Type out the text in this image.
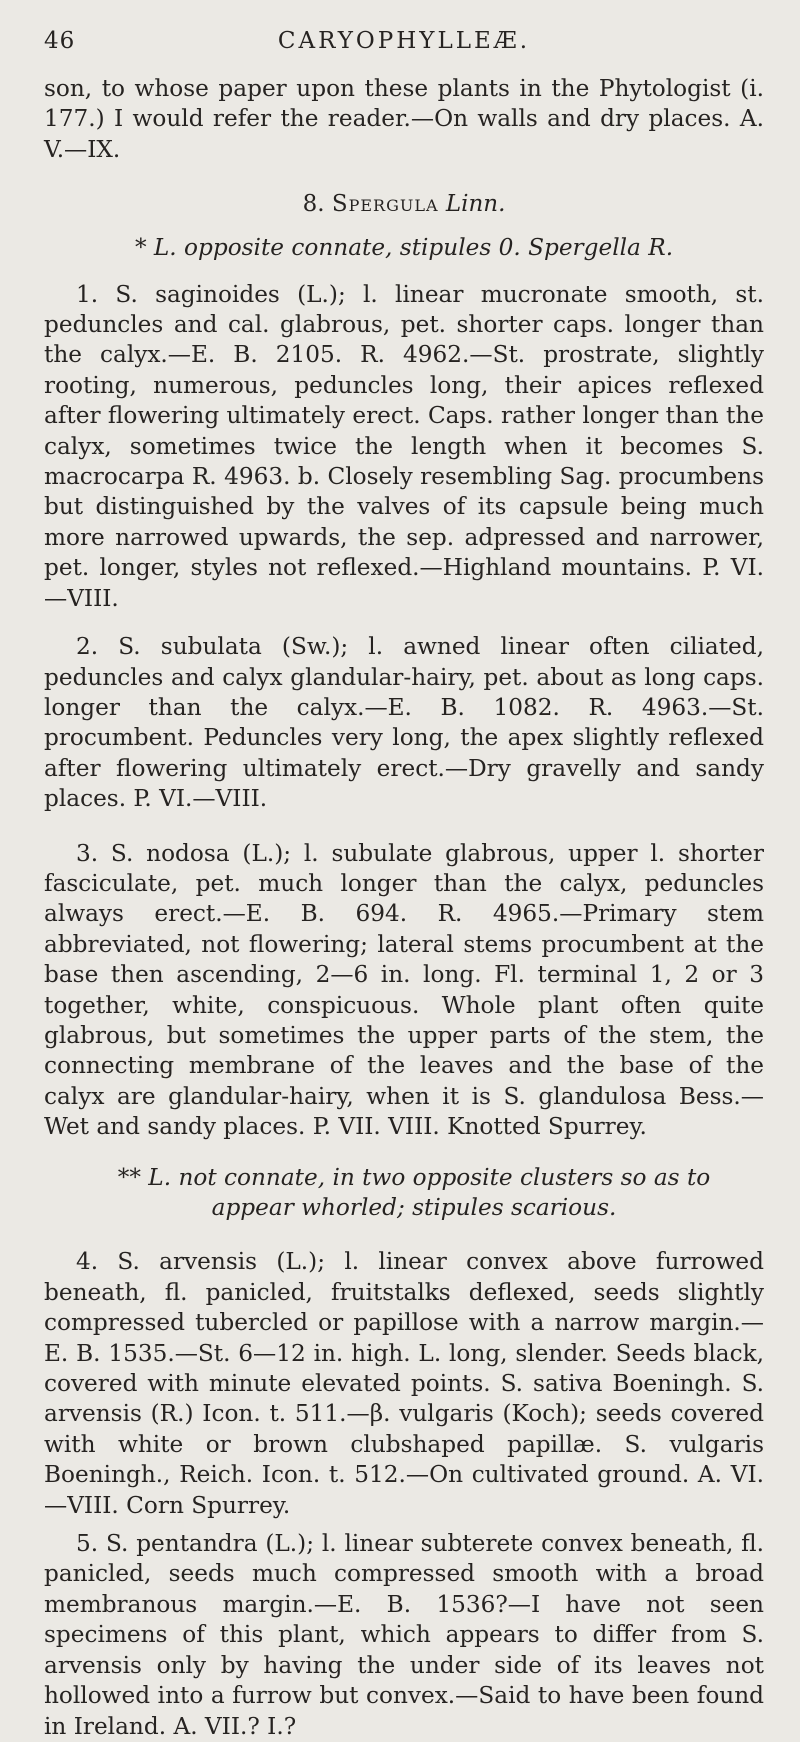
46	CARYOPHYLLEÆ.

son, to whose paper upon these plants in the Phytologist (i. 177.) I would refer the reader.—On walls and dry places. A. V.—IX.

8. Spergula Linn.

* L. opposite connate, stipules 0. Spergella R.

1. S. saginoides (L.); l. linear mucronate smooth, st. peduncles and cal. glabrous, pet. shorter caps. longer than the calyx.—E. B. 2105. R. 4962.—St. prostrate, slightly rooting, numerous, peduncles long, their apices reflexed after flowering ultimately erect. Caps. rather longer than the calyx, sometimes twice the length when it becomes S. macrocarpa R. 4963. b. Closely resembling Sag. procumbens but distinguished by the valves of its capsule being much more narrowed upwards, the sep. adpressed and narrower, pet. longer, styles not reflexed.—Highland mountains. P. VI.—VIII.

2. S. subulata (Sw.); l. awned linear often ciliated, peduncles and calyx glandular-hairy, pet. about as long caps. longer than the calyx.—E. B. 1082. R. 4963.—St. procumbent. Peduncles very long, the apex slightly reflexed after flowering ultimately erect.—Dry gravelly and sandy places. P. VI.—VIII.

3. S. nodosa (L.); l. subulate glabrous, upper l. shorter fasciculate, pet. much longer than the calyx, peduncles always erect.—E. B. 694. R. 4965.—Primary stem abbreviated, not flowering; lateral stems procumbent at the base then ascending, 2—6 in. long. Fl. terminal 1, 2 or 3 together, white, conspicuous. Whole plant often quite glabrous, but sometimes the upper parts of the stem, the connecting membrane of the leaves and the base of the calyx are glandular-hairy, when it is S. glandulosa Bess.—Wet and sandy places. P. VII. VIII. Knotted Spurrey.

** L. not connate, in two opposite clusters so as to appear whorled; stipules scarious.

4. S. arvensis (L.); l. linear convex above furrowed beneath, fl. panicled, fruitstalks deflexed, seeds slightly compressed tubercled or papillose with a narrow margin.—E. B. 1535.—St. 6—12 in. high. L. long, slender. Seeds black, covered with minute elevated points. S. sativa Boeningh. S. arvensis (R.) Icon. t. 511.—β. vulgaris (Koch); seeds covered with white or brown clubshaped papillæ. S. vulgaris Boeningh., Reich. Icon. t. 512.—On cultivated ground. A. VI.—VIII. Corn Spurrey.

5. S. pentandra (L.); l. linear subterete convex beneath, fl. panicled, seeds much compressed smooth with a broad membranous margin.—E. B. 1536?—I have not seen specimens of this plant, which appears to differ from S. arvensis only by having the under side of its leaves not hollowed into a furrow but convex.—Said to have been found in Ireland. A. VII.? I.?
